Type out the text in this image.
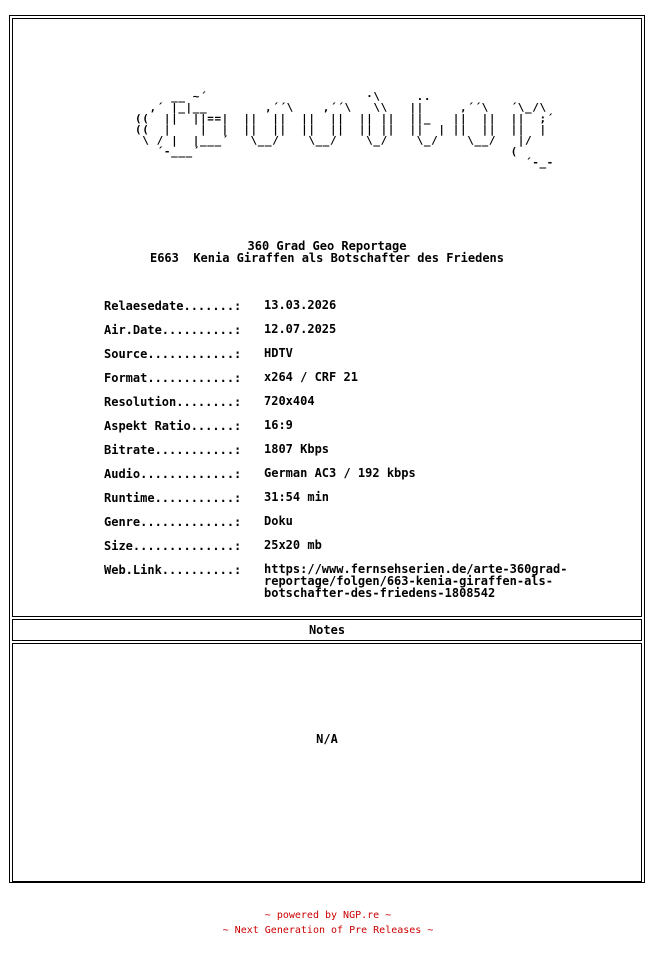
__ ~´                      ·\     ..
,´ |_|__        ,´´\    ,´´\   \\   ||     ,´´\   ´\_/\
((  ||  ||==|  ||  ||  ||  ||  || ||  ||_   ||  ||  ||  ;´
((  |    |  |  ||  ||  ||  ||  || ||  ||  | ||  ||  ||  |
\ / |  |___´   \__/    \__/    \_/    \_/    \__/   |/
´-___´                                           (
´-_-
360 Grad Geo Reportage
E663  Kenia Giraffen als Botschafter des Friedens

Relaesedate.......:

	13.03.2026

Air.Date..........:

	12.07.2025

Source............:

	HDTV

Format............:

	x264 / CRF 21

Resolution........:

	720x404

Aspekt Ratio......:

	16:9

Bitrate...........:

	1807 Kbps

Audio.............:

	German AC3 / 192 kbps

Runtime...........:

	31:54 min

Genre.............:

	Doku

Size..............:

	25x20 mb

Web.Link..........:

	https://www.fernsehserien.de/arte-360grad-
reportage/folgen/663-kenia-giraffen-als-
botschafter-des-friedens-1808542

Notes
N/A
~ powered by NGP.re ~
~ Next Generation of Pre Releases ~
